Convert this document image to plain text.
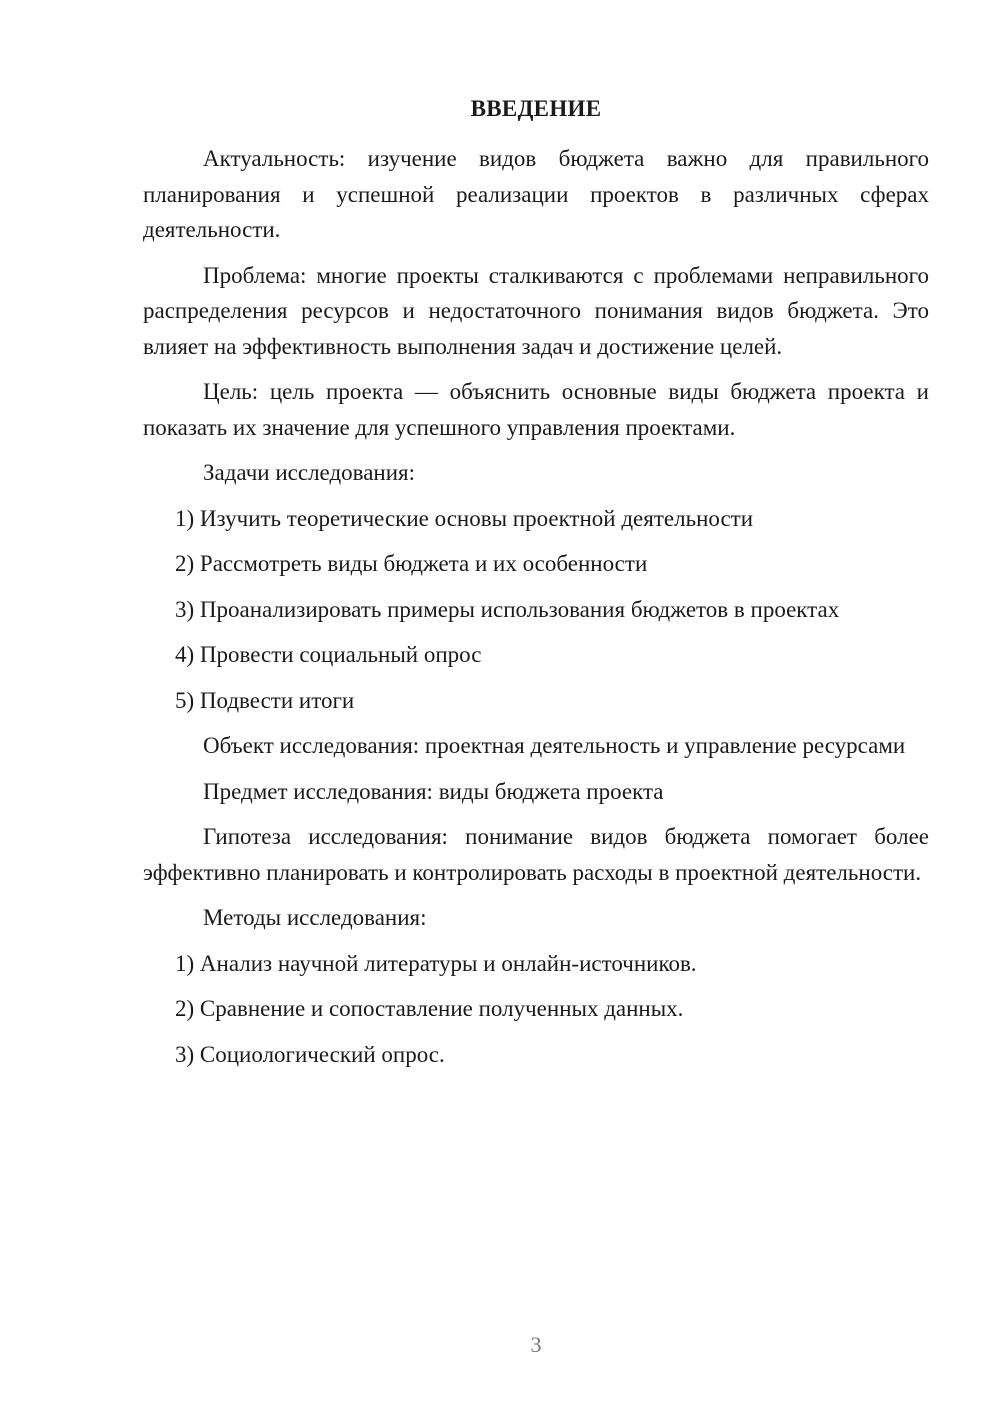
ВВЕДЕНИЕ

Актуальность: изучение видов бюджета важно для правильного планирования и успешной реализации проектов в различных сферах деятельности.

Проблема: многие проекты сталкиваются с проблемами неправильного распределения ресурсов и недостаточного понимания видов бюджета. Это влияет на эффективность выполнения задач и достижение целей.

Цель: цель проекта — объяснить основные виды бюджета проекта и показать их значение для успешного управления проектами.

Задачи исследования:

1) Изучить теоретические основы проектной деятельности

2) Рассмотреть виды бюджета и их особенности

3) Проанализировать примеры использования бюджетов в проектах

4) Провести социальный опрос

5) Подвести итоги

Объект исследования: проектная деятельность и управление ресурсами

Предмет исследования: виды бюджета проекта

Гипотеза исследования: понимание видов бюджета помогает более эффективно планировать и контролировать расходы в проектной деятельности.

Методы исследования:

1) Анализ научной литературы и онлайн-источников.

2) Сравнение и сопоставление полученных данных.

3) Социологический опрос.

3
